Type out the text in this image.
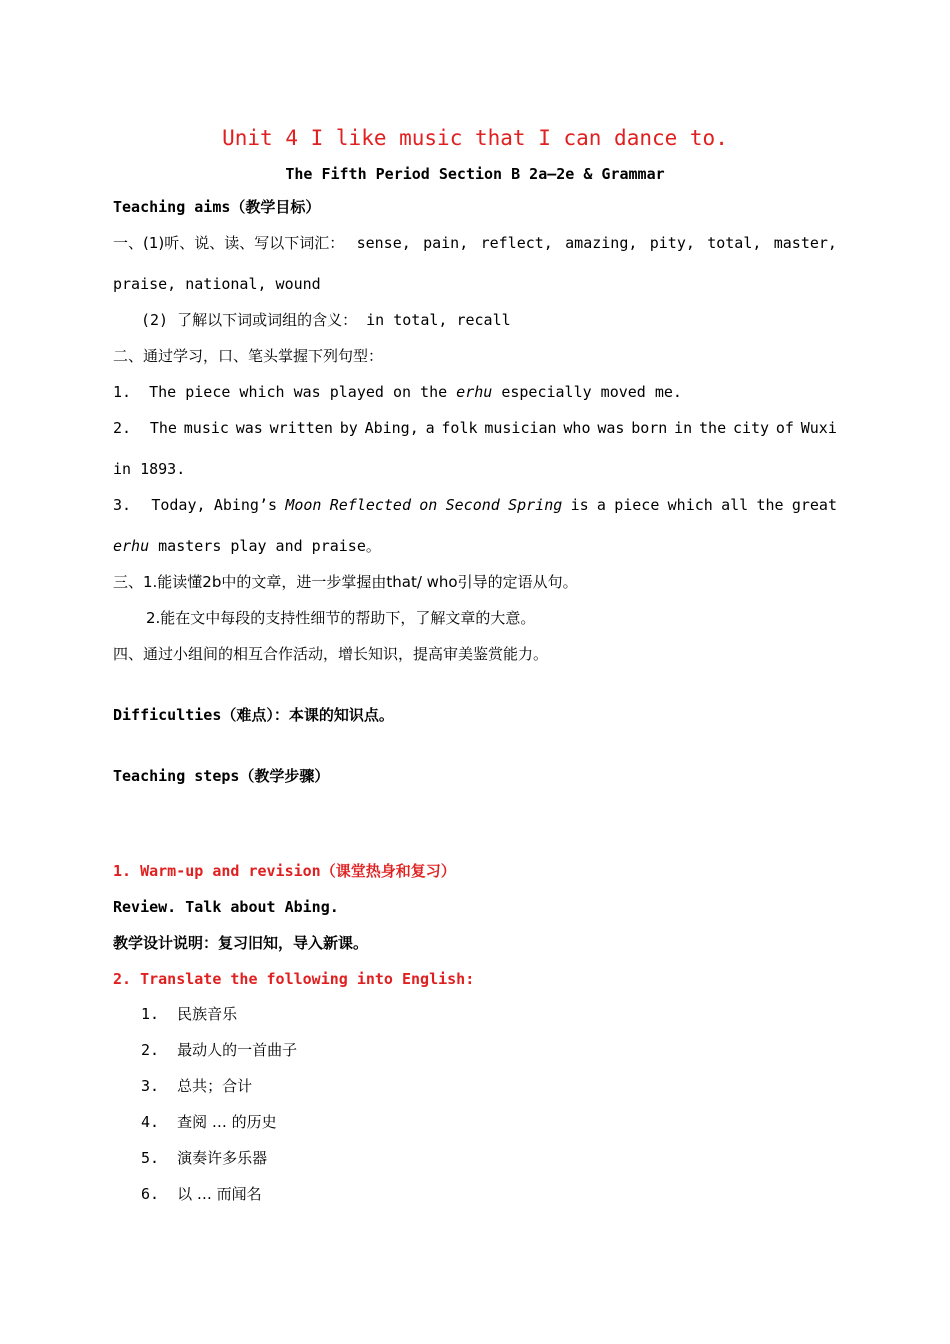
Unit 4 I like music that I can dance to.
The Fifth Period Section B 2a–2e & Grammar
Teaching aims（教学目标）
一、(1)听、说、读、写以下词汇： sense, pain, reflect, amazing, pity, total, master,
praise, national, wound
(2) 了解以下词或词组的含义： in total, recall
二、通过学习，口、笔头掌握下列句型：
1. The piece which was played on the erhu especially moved me.
2. The music was written by Abing, a folk musician who was born in the city of Wuxi
in 1893.
3. Today, Abing’s Moon Reflected on Second Spring is a piece which all the great
erhu masters play and praise。
三、1.能读懂2b中的文章，进一步掌握由that/ who引导的定语从句。
2.能在文中每段的支持性细节的帮助下，了解文章的大意。
四、通过小组间的相互合作活动，增长知识，提高审美鉴赏能力。
Difficulties（难点）：本课的知识点。
Teaching steps（教学步骤）
1. Warm-up and revision（课堂热身和复习）
Review. Talk about Abing.
教学设计说明：复习旧知，导入新课。
2. Translate the following into English:
1. 民族音乐
2. 最动人的一首曲子
3. 总共；合计
4. 查阅 … 的历史
5. 演奏许多乐器
6. 以 … 而闻名
